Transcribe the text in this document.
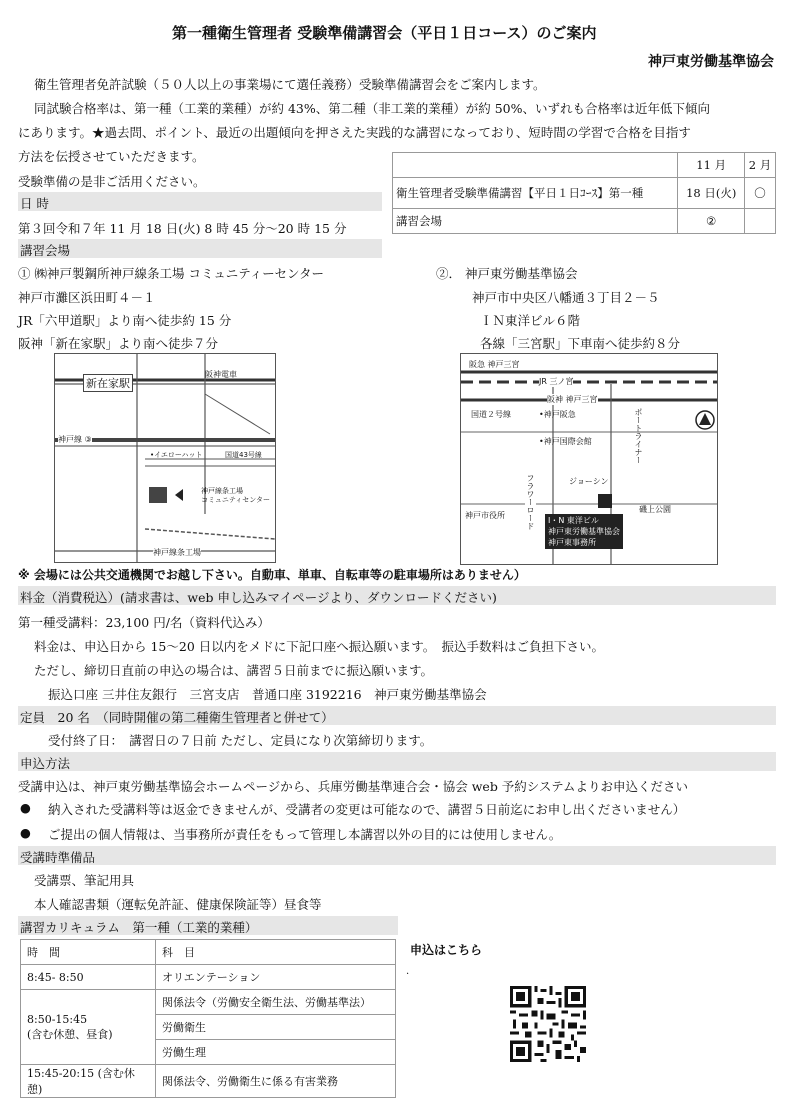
第一種衛生管理者 受験準備講習会（平日１日コース）のご案内
神戸東労働基準協会
衛生管理者免許試験（５０人以上の事業場にて選任義務）受験準備講習会をご案内します。
同試験合格率は、第一種（工業的業種）が約 43%、第二種（非工業的業種）が約 50%、いずれも合格率は近年低下傾向
にあります。★過去問、ポイント、最近の出題傾向を押さえた実践的な講習になっており、短時間の学習で合格を目指す
方法を伝授させていただきます。
受験準備の是非ご活用ください。
	11 月	2 月
衛生管理者受験準備講習【平日１日ｺｰｽ】第一種	18 日(火)	〇
講習会場	②	
日 時
第３回令和７年 11 月 18 日(火) 8 時 45 分～20 時 15 分
講習会場
① ㈱神戸製鋼所神戸線条工場 コミュニティーセンター
神戸市灘区浜田町４－１
JR「六甲道駅」より南へ徒歩約 15 分
阪神「新在家駅」より南へ徒歩７分
②． 神戸東労働基準協会
神戸市中央区八幡通３丁目２－５
ＩＮ東洋ビル６階
各線「三宮駅」下車南へ徒歩約８分
新在家駅
阪神電車
神戸線 ③
•イエローハット	国道43号線
神戸線条工場
コミュニティセンター
神戸線条工場
阪急 神戸三宮
JR 三ノ宮
阪神 神戸三宮
国道２号線	•神戸阪急
•神戸国際会館	ポートライナー
フラワーロード	ジョーシン
神戸市役所
磯上公園
I・N 東洋ビル
神戸東労働基準協会
神戸東事務所
※ 会場には公共交通機関でお越し下さい。自動車、単車、自転車等の駐車場所はありません）
料金（消費税込）(請求書は、web 申し込みマイページより、ダウンロードください)
第一種受講料：23,100 円/名（資料代込み）
料金は、申込日から 15～20 日以内をメドに下記口座へ振込願います。　振込手数料はご負担下さい。
ただし、締切日直前の申込の場合は、講習５日前までに振込願います。
振込口座 三井住友銀行　三宮支店　普通口座 3192216　神戸東労働基準協会
定員　20 名　（同時開催の第二種衛生管理者と併せて）
受付終了日：　講習日の７日前 ただし、定員になり次第締切ります。
申込方法
受講申込は、神戸東労働基準協会ホームページから、兵庫労働基準連合会・協会 web 予約システムよりお申込ください
● 納入された受講料等は返金できませんが、受講者の変更は可能なので、講習５日前迄にお申し出くださいません）
● ご提出の個人情報は、当事務所が責任をもって管理し本講習以外の目的には使用しません。
受講時準備品
受講票、筆記用具
本人確認書類（運転免許証、健康保険証等）昼食等
講習カリキュラム　第一種（工業的業種）
時　間	科　目
8:45- 8:50	オリエンテーション

8:50-15:45
(含む休憩、昼食)	関係法令（労働安全衛生法、労働基準法）
	労働衛生
	労働生理
15:45-20:15 (含む休憩)	関係法令、労働衛生に係る有害業務
申込はこちら
.
